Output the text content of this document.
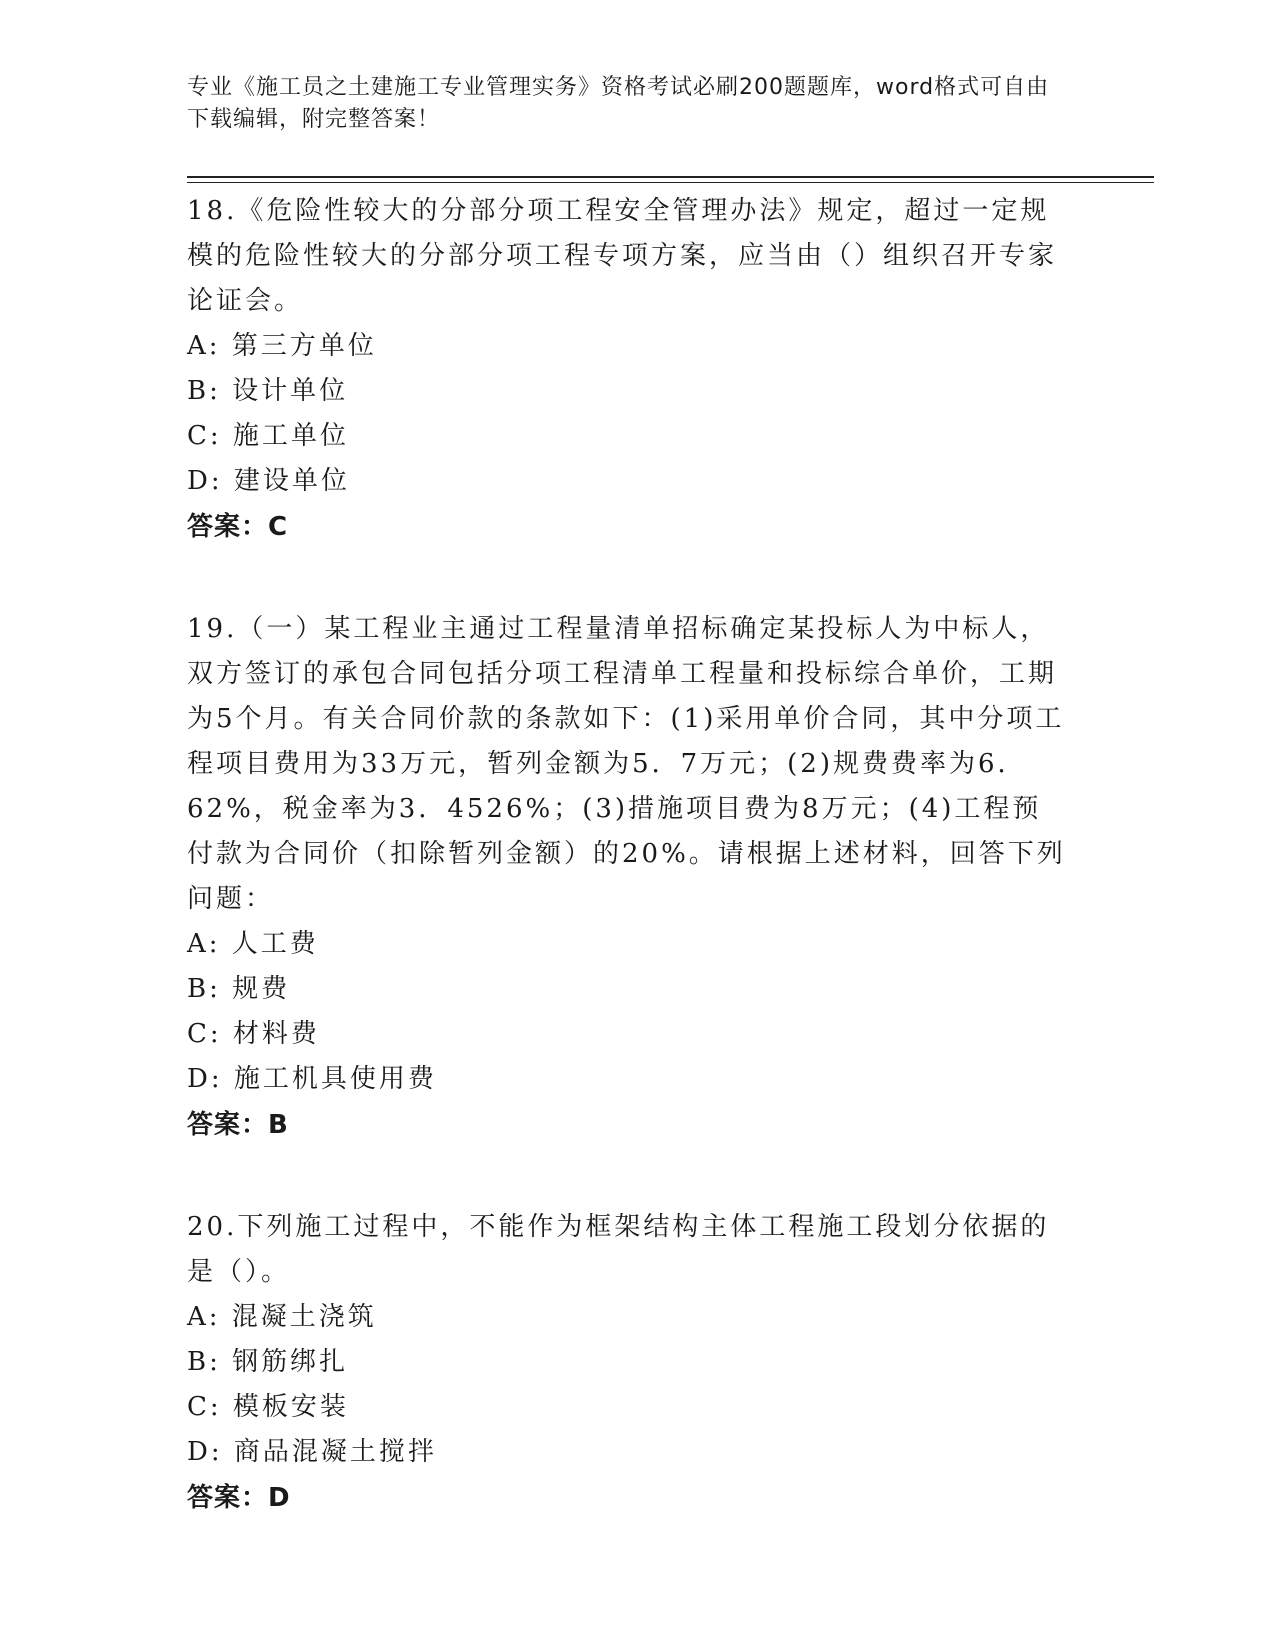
专业《施工员之土建施工专业管理实务》资格考试必刷200题题库，word格式可自由下载编辑，附完整答案！

18.《危险性较大的分部分项工程安全管理办法》规定，超过一定规模的危险性较大的分部分项工程专项方案，应当由（）组织召开专家论证会。

A: 第三方单位

B: 设计单位

C: 施工单位

D: 建设单位

答案：C

19.（一）某工程业主通过工程量清单招标确定某投标人为中标人，双方签订的承包合同包括分项工程清单工程量和投标综合单价，工期为5个月。有关合同价款的条款如下：(1)采用单价合同，其中分项工程项目费用为33万元，暂列金额为5．7万元；(2)规费费率为6．62%，税金率为3．4526%；(3)措施项目费为8万元；(4)工程预付款为合同价（扣除暂列金额）的20%。请根据上述材料，回答下列问题：

A: 人工费

B: 规费

C: 材料费

D: 施工机具使用费

答案：B

20.下列施工过程中，不能作为框架结构主体工程施工段划分依据的是（）。

A: 混凝土浇筑

B: 钢筋绑扎

C: 模板安装

D: 商品混凝土搅拌

答案：D
